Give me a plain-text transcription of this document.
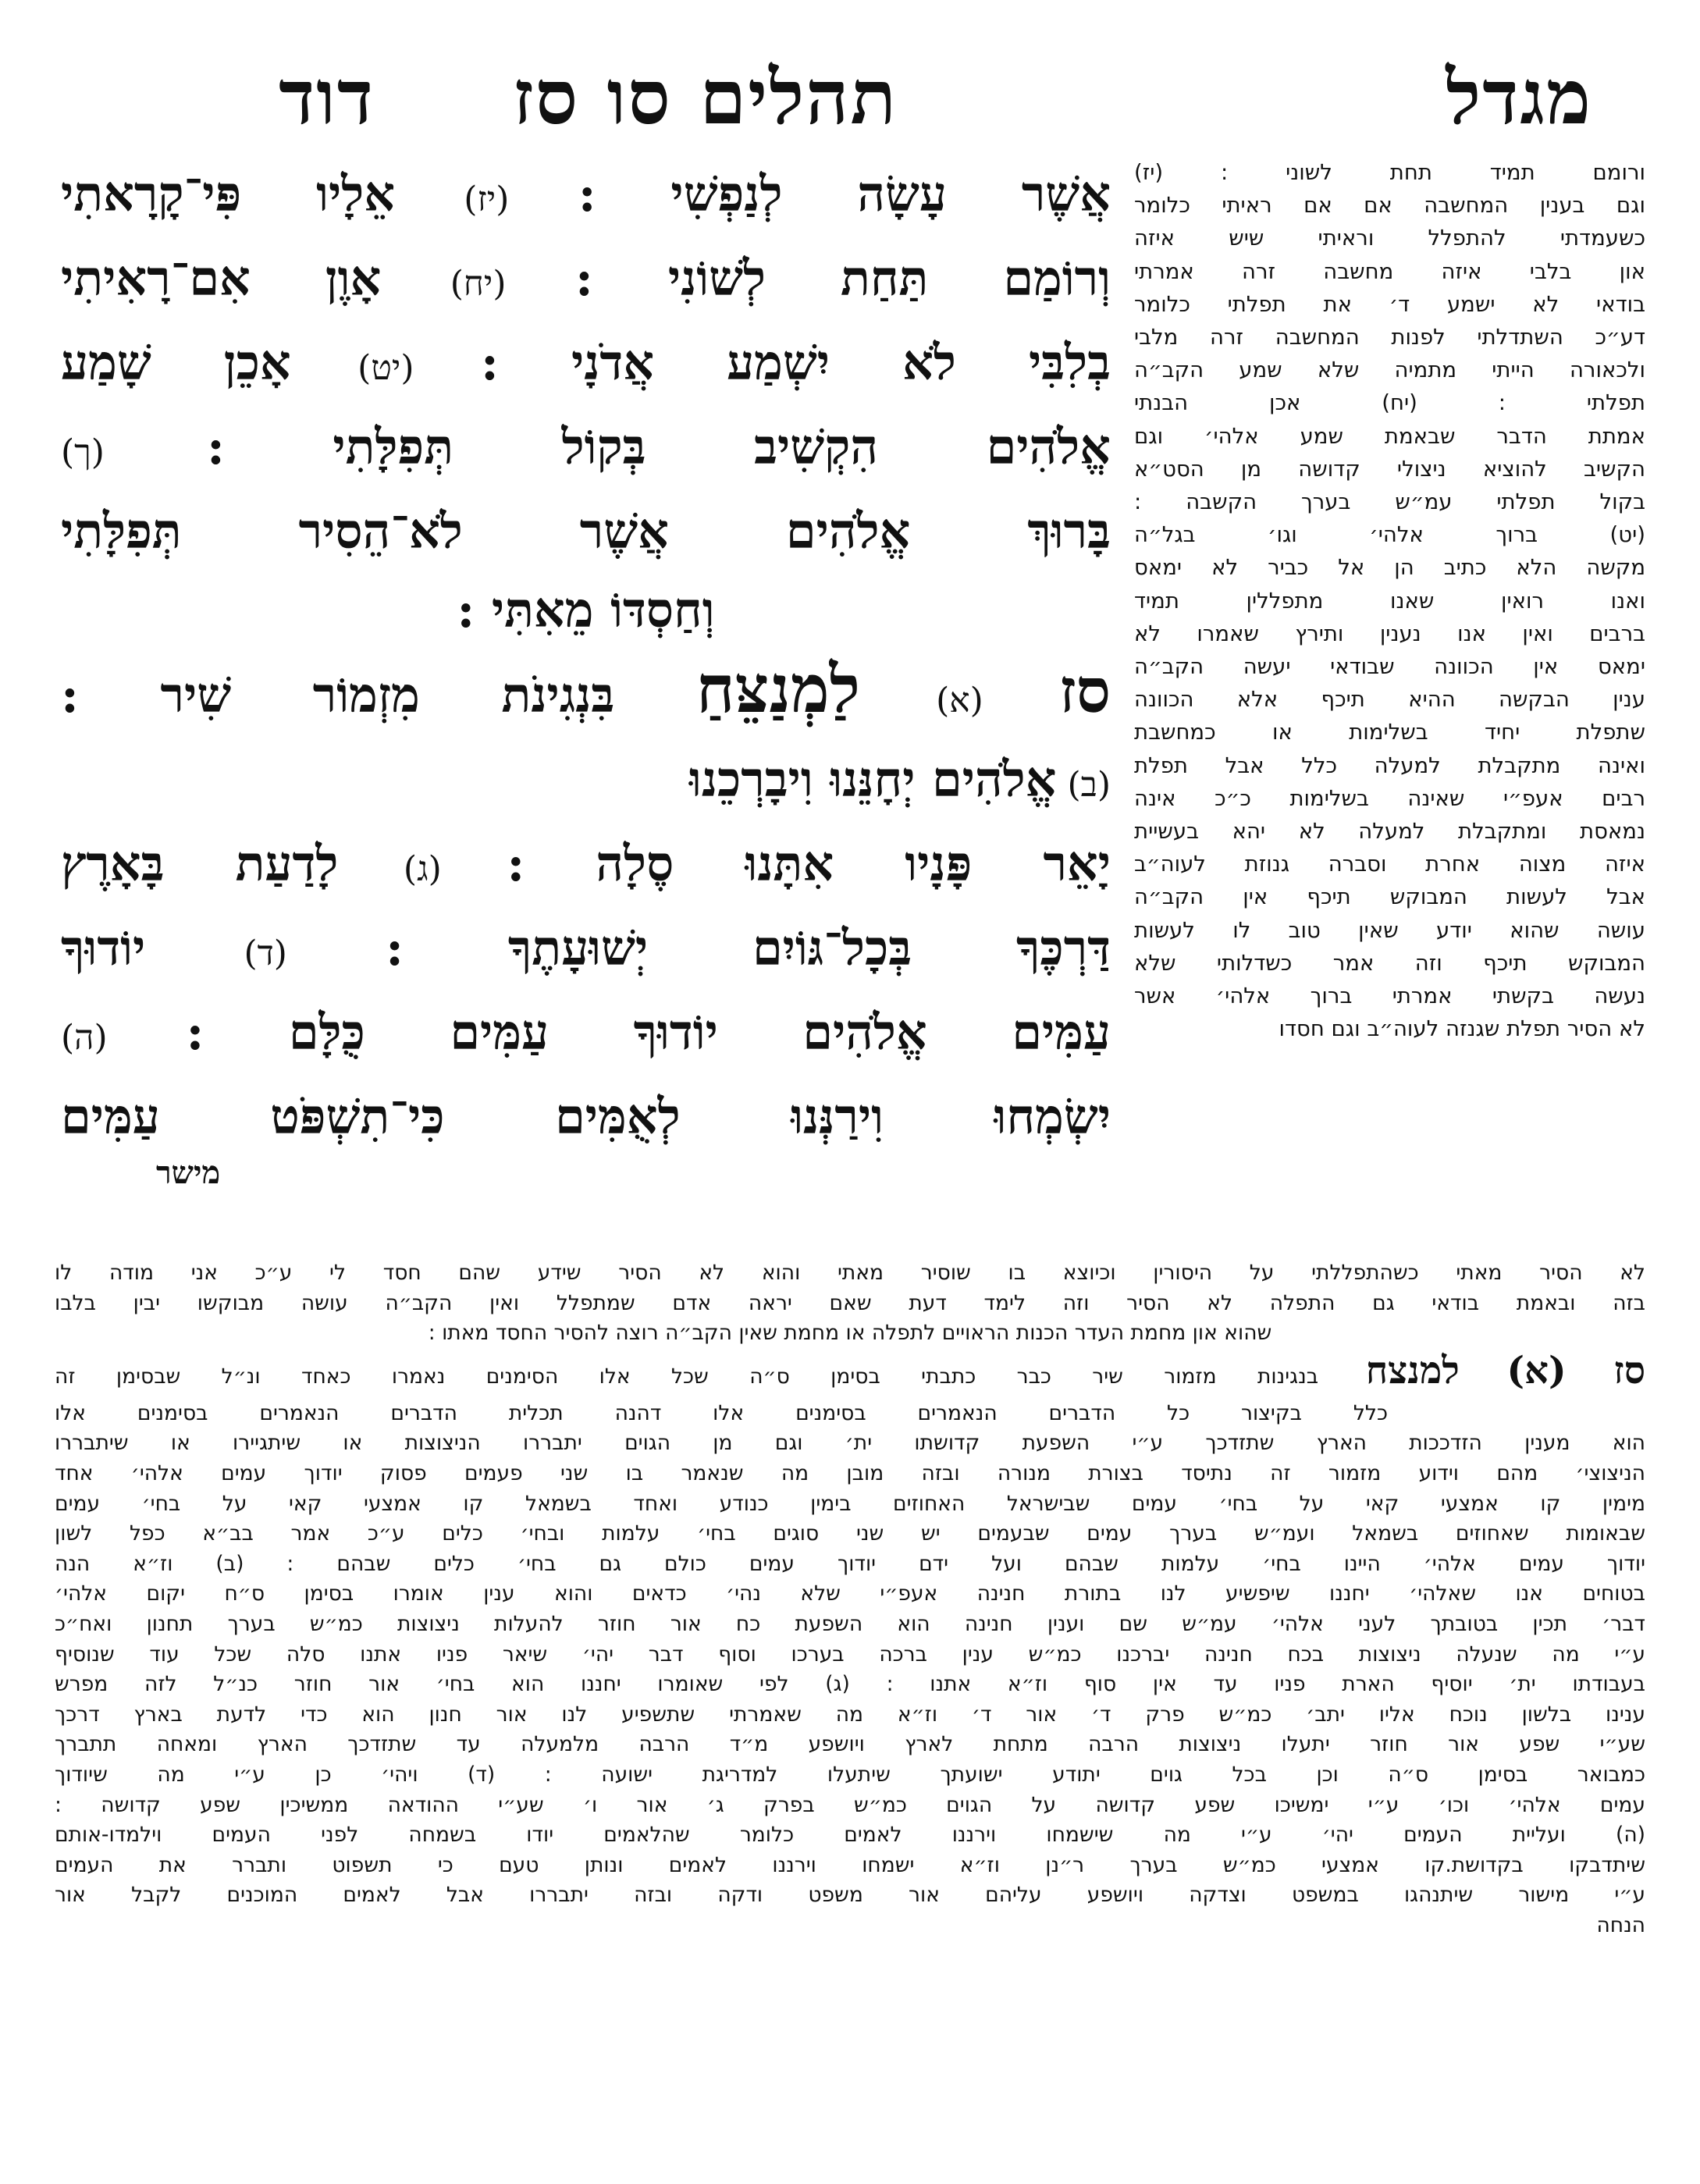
מגדל
תהלים סו סז
דוד

ורומם תמיד תחת לשוני : (יז)

וגם בענין המחשבה אם אם ראיתי כלומר

כשעמדתי להתפלל וראיתי שיש איזה

און בלבי איזה מחשבה זרה אמרתי

בודאי לא ישמע ד׳ את תפלתי כלומר

דע״כ השתדלתי לפנות המחשבה זרה מלבי

ולכאורה הייתי מתמיה שלא שמע הקב״ה

תפלתי : (יח) אכן הבנתי

אמתת הדבר שבאמת שמע אלהי׳ וגם

הקשיב להוציא ניצולי קדושה מן הסט״א

בקול תפלתי עמ״ש בערך הקשבה :

(יט) ברוך אלהי׳ וגו׳ בגל״ה

מקשה הלא כתיב הן אל כביר לא ימאס

ואנו רואין שאנו מתפללין תמיד

ברבים ואין אנו נענין ותירץ שאמרו לא

ימאס אין הכוונה שבודאי יעשה הקב״ה

ענין הבקשה ההיא תיכף אלא הכוונה

שתפלת יחיד בשלימות או כמחשבת

ואינה מתקבלת למעלה כלל אבל תפלת

רבים אעפ״י שאינה בשלימות כ״כ אינה

נמאסת ומתקבלת למעלה לא יהא בעשיית

איזה מצוה אחרת וסברה גנוזת לעוה״ב

אבל לעשות המבוקש תיכף אין הקב״ה

עושה שהוא יודע שאין טוב לו לעשות

המבוקש תיכף וזה אמר כשדלותי שלא

נעשה בקשתי אמרתי ברוך אלהי׳ אשר

לא הסיר תפלת שגנזה לעוה״ב וגם חסדו

אֲשֶׁר עָשָׂה לְנַפְשִׁי : (יז) אֵלָיו פִּי־קָרָאתִי

וְרוֹמַם תַּחַת לְשׁוֹנִי : (יח) אָוֶן אִם־רָאִיתִי

בְלִבִּי לֹא יִשְׁמַע אֲדֹנָי : (יט) אָכֵן שָׁמַע

אֱלֹהִים הִקְשִׁיב בְּקוֹל תְּפִלָּתִי : (ך)

בָּרוּךְ אֱלֹהִים אֲשֶׁר לֹא־הֵסִיר תְּפִלָּתִי

וְחַסְדּוֹ מֵאִתִּי :

סז (א) לַמְנַצֵּחַ בִּנְגִינֹת מִזְמוֹר שִׁיר :

(ב) אֱלֹהִים יְחָנֵּנוּ וִיבָרְכֵנוּ

יָאֵר פָּנָיו אִתָּנוּ סֶלָה : (ג) לָדַעַת בָּאָרֶץ

דַּרְכֶּךָ בְּכָל־גּוֹיִם יְשׁוּעָתֶךָ : (ד) יוֹדוּךָ

עַמִּים אֱלֹהִים יוֹדוּךָ עַמִּים כֻּלָּם : (ה)

יִשְׂמְחוּ וִירַנְּנוּ לְאֻמִּים כִּי־תִשְׁפֹּט עַמִּים

מישר

לא הסיר מאתי כשהתפללתי על היסורין וכיוצא בו שוסיר מאתי והוא לא הסיר שידע שהם חסד לי ע״כ אני מודה לו

בזה ובאמת בודאי גם התפלה לא הסיר וזה לימד דעת שאם יראה אדם שמתפלל ואין הקב״ה עושה מבוקשו יבין בלבו

שהוא און מחמת העדר הכנות הראויים לתפלה או מחמת שאין הקב״ה רוצה להסיר החסד מאתו :

סז (א) למנצח בנגינות מזמור שיר כבר כתבתי בסימן ס״ה שכל אלו הסימנים נאמרו כאחד ונ״ל שבסימן זה

כלל בקיצור כל הדברים הנאמרים בסימנים אלו דהנה תכלית הדברים הנאמרים בסימנים אלו

הוא מענין הזדככות הארץ שתזדכך ע״י השפעת קדושתו ית׳ וגם מן הגוים יתבררו הניצוצות או שיתגיירו או שיתבררו

הניצוצי׳ מהם וידוע מזמור זה נתיסד בצורת מנורה ובזה מובן מה שנאמר בו שני פעמים פסוק יודוך עמים אלהי׳ אחד

מימין קו אמצעי קאי על בחי׳ עמים שבישראל האחוזים בימין כנודע ואחד בשמאל קו אמצעי קאי על בחי׳ עמים

שבאומות שאחוזים בשמאל ועמ״ש בערך עמים שבעמים יש שני סוגים בחי׳ עלמות ובחי׳ כלים ע״כ אמר בב״א כפל לשון

יודוך עמים אלהי׳ היינו בחי׳ עלמות שבהם ועל ידם יודוך עמים כולם גם בחי׳ כלים שבהם : (ב) וז״א הנה

בטוחים אנו שאלהי׳ יחננו שיפשיע לנו בתורת חנינה אעפ״י שלא נהי׳ כדאים והוא ענין אומרו בסימן ס״ח יקום אלהי׳

דבר׳ תכין בטובתך לעני אלהי׳ עמ״ש שם וענין חנינה הוא השפעת כח אור חוזר להעלות ניצוצות כמ״ש בערך תחנון ואח״כ

ע״י מה שנעלה ניצוצות בכח חנינה יברכנו כמ״ש ענין ברכה בערכו וסוף דבר יהי׳ שיאר פניו אתנו סלה שכל עוד שנוסיף

בעבודתו ית׳ יוסיף הארת פניו עד אין סוף וז״א אתנו : (ג) לפי שאומרו יחננו הוא בחי׳ אור חוזר כנ״ל לזה מפרש

ענינו בלשון נוכח אליו יתב׳ כמ״ש פרק ד׳ אור ד׳ וז״א מה שאמרתי שתשפיע לנו אור חנון הוא כדי לדעת בארץ דרכך

שע״י שפע אור חוזר יתעלו ניצוצות הרבה מתחת לארץ ויושפע מ״ד הרבה מלמעלה עד שתזדכך הארץ ומאחה תתברך

כמבואר בסימן ס״ה וכן בכל גוים יתודע ישועתך שיתעלו למדריגת ישועה : (ד) ויהי׳ כן ע״י מה שיודוך

עמים אלהי׳ וכו׳ ע״י ימשיכו שפע קדושה על הגוים כמ״ש בפרק ג׳ אור ו׳ שע״י ההודאה ממשיכין שפע קדושה :

(ה) ועליית העמים יהי׳ ע״י מה שישמחו וירננו לאמים כלומר שהלאמים יודו בשמחה לפני העמים וילמדו-אותם

שיתדבקו בקדושת.קו אמצעי כמ״ש בערך ר״נן וז״א ישמחו וירננו לאמים ונותן טעם כי תשפוט ותברר את העמים

ע״י מישור שיתנהגו במשפט וצדקה ויושפע עליהם אור משפט ודקה ובזה יתבררו אבל לאמים המוכנים לקבל אור

הנחה
